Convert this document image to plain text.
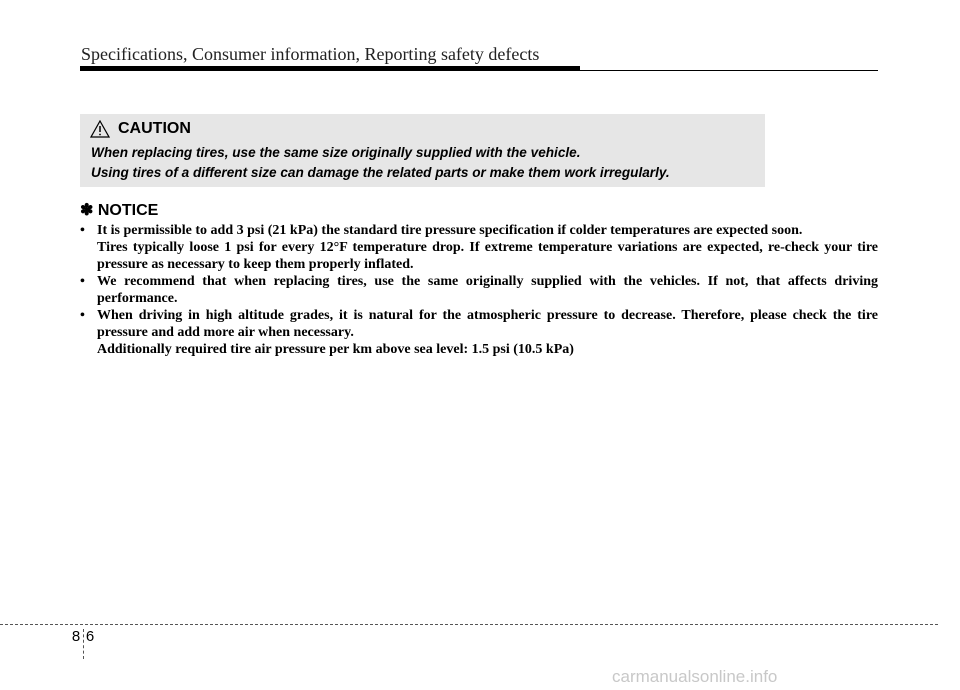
Specifications, Consumer information, Reporting safety defects
CAUTION
When replacing tires, use the same size originally supplied with the vehicle.
Using tires of a different size can damage the related parts or make them work irregularly.
✽ NOTICE
• It is permissible to add 3 psi (21 kPa) the standard tire pressure specification if colder temperatures are expected soon.

Tires typically loose 1 psi for every 12°F temperature drop. If extreme temperature variations are expected, re-check your tire pressure as necessary to keep them properly inflated.

• We recommend that when replacing tires, use the same originally supplied with the vehicles. If not, that affects driving performance.

• When driving in high altitude grades, it is natural for the atmospheric pressure to decrease. Therefore, please check the tire pressure and add more air when necessary.

Additionally required tire air pressure per km above sea level: 1.5 psi (10.5 kPa)

8 6
carmanualsonline.info
